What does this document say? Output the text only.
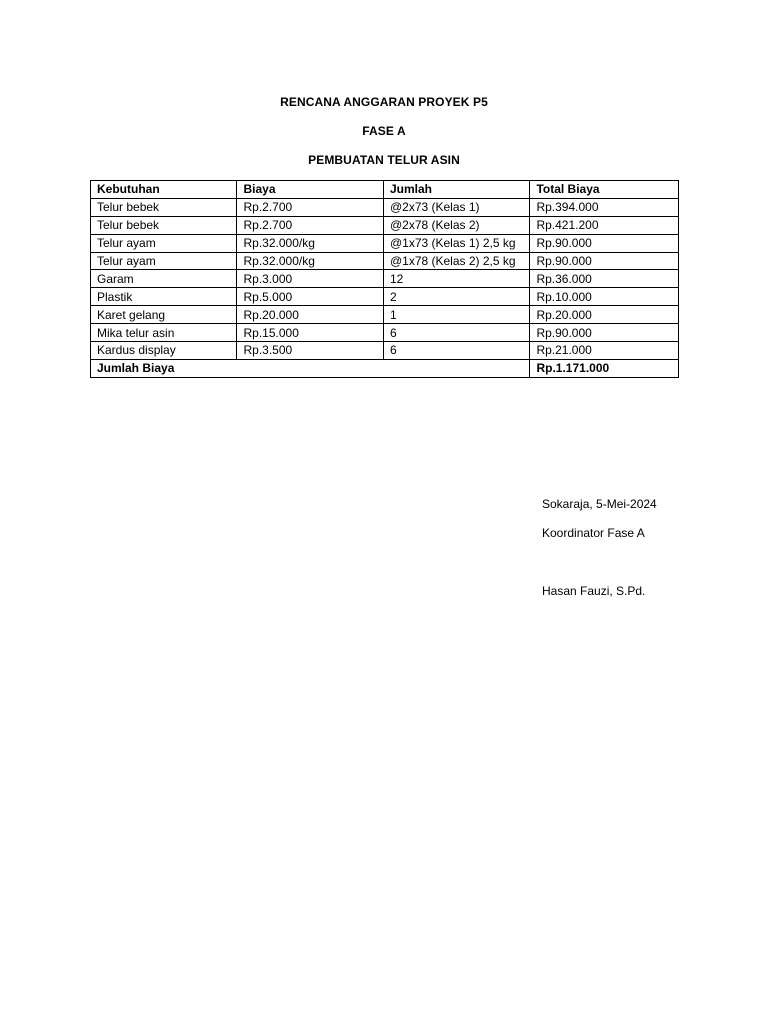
RENCANA ANGGARAN PROYEK P5
FASE A
PEMBUATAN TELUR ASIN
Kebutuhan	Biaya	Jumlah	Total Biaya
Telur bebek	Rp.2.700	@2x73 (Kelas 1)	Rp.394.000
Telur bebek	Rp.2.700	@2x78 (Kelas 2)	Rp.421.200
Telur ayam	Rp.32.000/kg	@1x73 (Kelas 1) 2,5 kg	Rp.90.000
Telur ayam	Rp.32.000/kg	@1x78 (Kelas 2) 2,5 kg	Rp.90.000
Garam	Rp.3.000	12	Rp.36.000
Plastik	Rp.5.000	2	Rp.10.000
Karet gelang	Rp.20.000	1	Rp.20.000
Mika telur asin	Rp.15.000	6	Rp.90.000
Kardus display	Rp.3.500	6	Rp.21.000
Jumlah Biaya			Rp.1.171.000
Sokaraja, 5-Mei-2024
Koordinator Fase A
Hasan Fauzi, S.Pd.
